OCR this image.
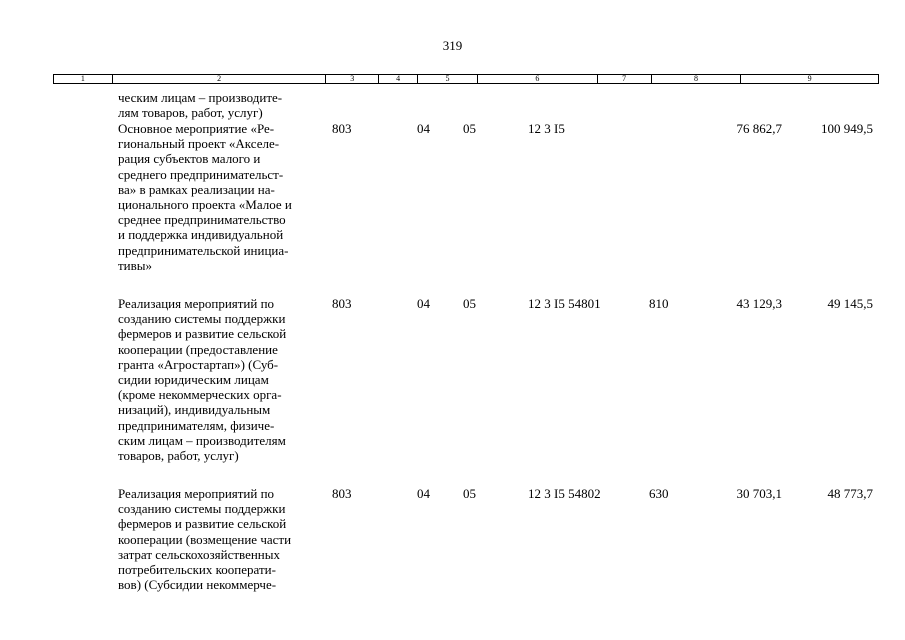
319
1	2	3	4	5	6	7	8	9
ческим лицам – производите-
лям товаров, работ, услуг)
Основное мероприятие «Ре-
гиональный проект «Акселе-
рация субъектов малого и
среднего предпринимательст-
ва» в рамках реализации на-
ционального проекта «Малое и
среднее предпринимательство
и поддержка индивидуальной
предпринимательской инициа-
тивы»
803	04	05	12 3 I5	76 862,7	100 949,5
Реализация мероприятий по
созданию системы поддержки
фермеров и развитие сельской
кооперации (предоставление
гранта «Агростартап») (Суб-
сидии юридическим лицам
(кроме некоммерческих орга-
низаций), индивидуальным
предпринимателям, физиче-
ским лицам – производителям
товаров, работ, услуг)
803	04	05	12 3 I5 54801	810	43 129,3	49 145,5
Реализация мероприятий по
созданию системы поддержки
фермеров и развитие сельской
кооперации (возмещение части
затрат сельскохозяйственных
потребительских кооперати-
вов) (Субсидии некоммерче-
803	04	05	12 3 I5 54802	630	30 703,1	48 773,7
